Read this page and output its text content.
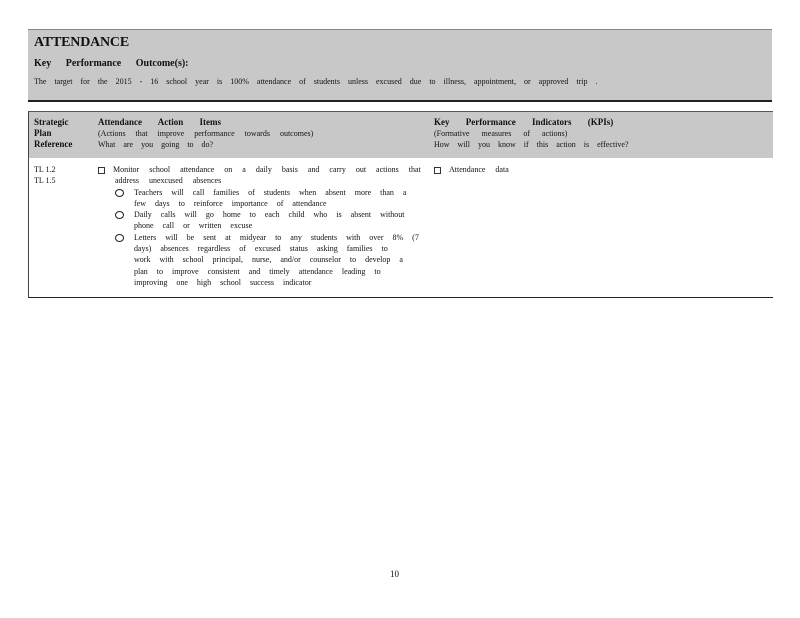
ATTENDANCE
Key Performance Outcome(s):
The target for the 2015 - 16 school year is 100% attendance of students unless excused due to illness, appointment, or approved trip .
Strategic
Plan
Reference
Attendance Action Items
(Actions that improve performance towards outcomes)
What are you going to do?
Key Performance Indicators (KPIs)
(Formative measures of actions)
How will you know if this action is effective?

TL 1.2

TL 1.5

Monitor school attendance on a daily basis and carry out actions that

address unexcused absences

Teachers will call families of students when absent more than a

few days to reinforce importance of attendance

Daily calls will go home to each child who is absent without

phone call or written excuse

Letters will be sent at midyear to any students with over 8% (7

days) absences regardless of excused status asking families to

work with school principal, nurse, and/or counselor to develop a

plan to improve consistent and timely attendance leading to

improving one high school success indicator

Attendance data

10
